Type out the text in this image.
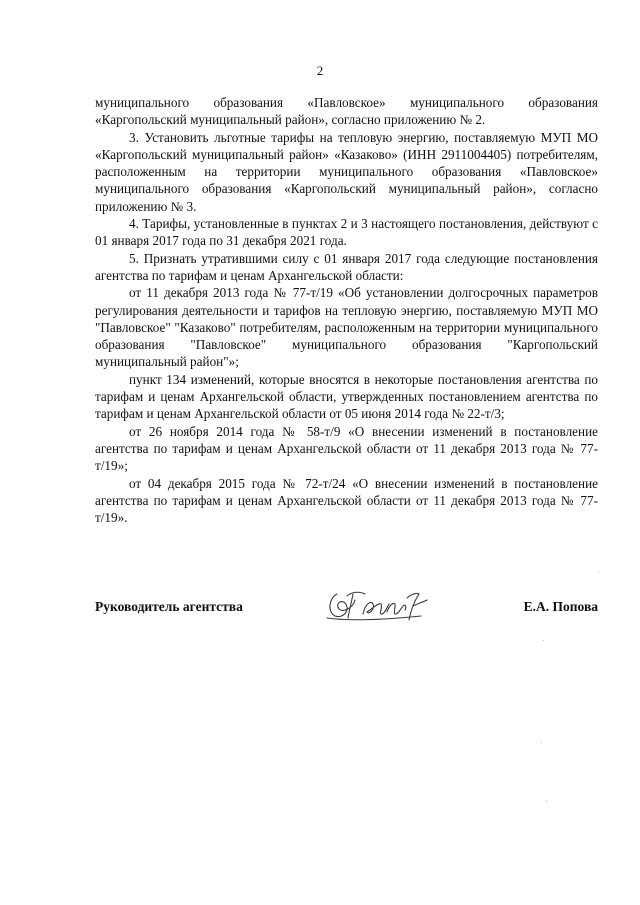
2

муниципального образования «Павловское» муниципального образования «Каргопольский муниципальный район», согласно приложению № 2.

3. Установить льготные тарифы на тепловую энергию, поставляемую МУП МО «Каргопольский муниципальный район» «Казаково» (ИНН 2911004405) потребителям, расположенным на территории муниципального образования «Павловское» муниципального образования «Каргопольский муниципальный район», согласно приложению № 3.

4. Тарифы, установленные в пунктах 2 и 3 настоящего постановления, действуют с 01 января 2017 года по 31 декабря 2021 года.

5. Признать утратившими силу с 01 января 2017 года следующие постановления агентства по тарифам и ценам Архангельской области:

от 11 декабря 2013 года № 77-т/19 «Об установлении долгосрочных параметров регулирования деятельности и тарифов на тепловую энергию, поставляемую МУП МО "Павловское" "Казаково" потребителям, расположенным на территории муниципального образования "Павловское" муниципального образования "Каргопольский муниципальный район"»;

пункт 134 изменений, которые вносятся в некоторые постановления агентства по тарифам и ценам Архангельской области, утвержденных постановлением агентства по тарифам и ценам Архангельской области от 05 июня 2014 года № 22-т/3;

от 26 ноября 2014 года № 58-т/9 «О внесении изменений в постановление агентства по тарифам и ценам Архангельской области от 11 декабря 2013 года № 77-т/19»;

от 04 декабря 2015 года № 72-т/24 «О внесении изменений в постановление агентства по тарифам и ценам Архангельской области от 11 декабря 2013 года № 77-т/19».

Руководитель агентства	Е.А. Попова
